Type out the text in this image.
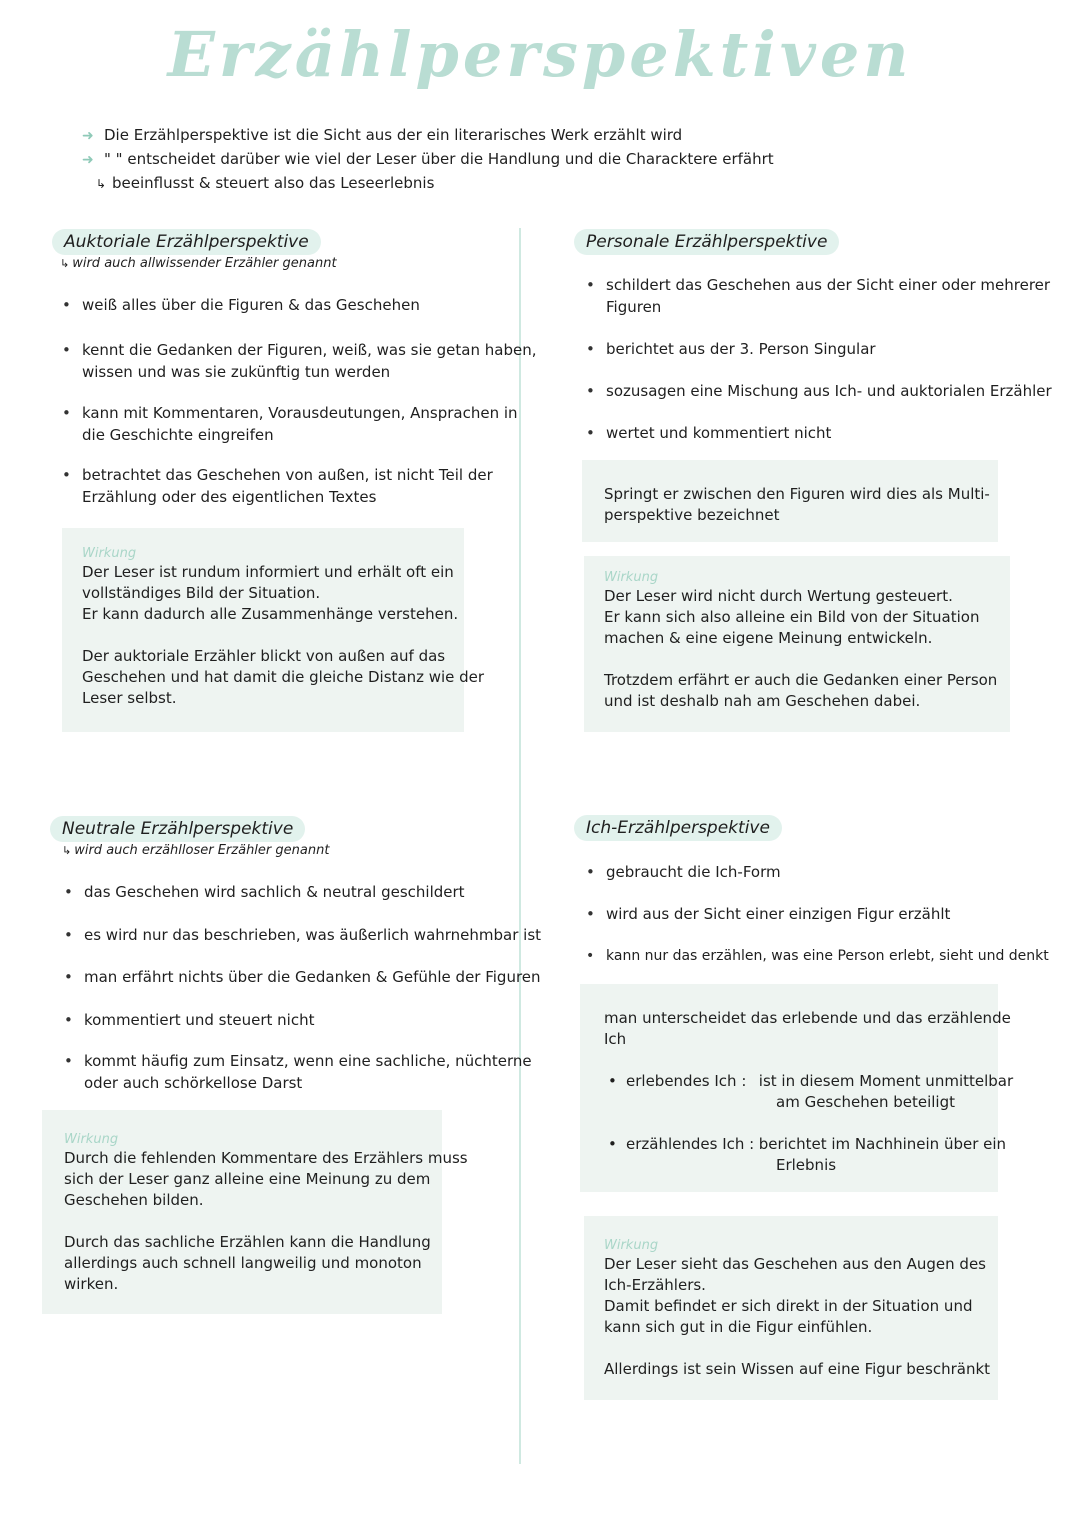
Erzählperspektiven
➜ Die Erzählperspektive ist die Sicht aus der ein literarisches Werk erzählt wird
➜ " " entscheidet darüber wie viel der Leser über die Handlung und die Characktere erfährt
↳ beeinflusst & steuert also das Leseerlebnis
Auktoriale Erzählperspektive
↳ wird auch allwissender Erzähler genannt
• weiß alles über die Figuren & das Geschehen
• kennt die Gedanken der Figuren, weiß, was sie getan haben,
wissen und was sie zukünftig tun werden
• kann mit Kommentaren, Vorausdeutungen, Ansprachen in
die Geschichte eingreifen
• betrachtet das Geschehen von außen, ist nicht Teil der
Erzählung oder des eigentlichen Textes
Wirkung
Der Leser ist rundum informiert und erhält oft ein
vollständiges Bild der Situation.
Er kann dadurch alle Zusammenhänge verstehen.
Der auktoriale Erzähler blickt von außen auf das
Geschehen und hat damit die gleiche Distanz wie der
Leser selbst.
Personale Erzählperspektive
• schildert das Geschehen aus der Sicht einer oder mehrerer
Figuren
• berichtet aus der 3. Person Singular
• sozusagen eine Mischung aus Ich- und auktorialen Erzähler
• wertet und kommentiert nicht
Springt er zwischen den Figuren wird dies als Multi-
perspektive bezeichnet
Wirkung
Der Leser wird nicht durch Wertung gesteuert.
Er kann sich also alleine ein Bild von der Situation
machen & eine eigene Meinung entwickeln.
Trotzdem erfährt er auch die Gedanken einer Person
und ist deshalb nah am Geschehen dabei.
Neutrale Erzählperspektive
↳ wird auch erzählloser Erzähler genannt
• das Geschehen wird sachlich & neutral geschildert
• es wird nur das beschrieben, was äußerlich wahrnehmbar ist
• man erfährt nichts über die Gedanken & Gefühle der Figuren
• kommentiert und steuert nicht
• kommt häufig zum Einsatz, wenn eine sachliche, nüchterne
oder auch schörkellose Darst
Wirkung
Durch die fehlenden Kommentare des Erzählers muss
sich der Leser ganz alleine eine Meinung zu dem
Geschehen bilden.
Durch das sachliche Erzählen kann die Handlung
allerdings auch schnell langweilig und monoton
wirken.
Ich-Erzählperspektive
• gebraucht die Ich-Form
• wird aus der Sicht einer einzigen Figur erzählt
• kann nur das erzählen, was eine Person erlebt, sieht und denkt
man unterscheidet das erlebende und das erzählende
Ich
• erlebendes Ich : ist in diesem Moment unmittelbar
am Geschehen beteiligt
• erzählendes Ich : berichtet im Nachhinein über ein
Erlebnis
Wirkung
Der Leser sieht das Geschehen aus den Augen des
Ich-Erzählers.
Damit befindet er sich direkt in der Situation und
kann sich gut in die Figur einfühlen.
Allerdings ist sein Wissen auf eine Figur beschränkt
